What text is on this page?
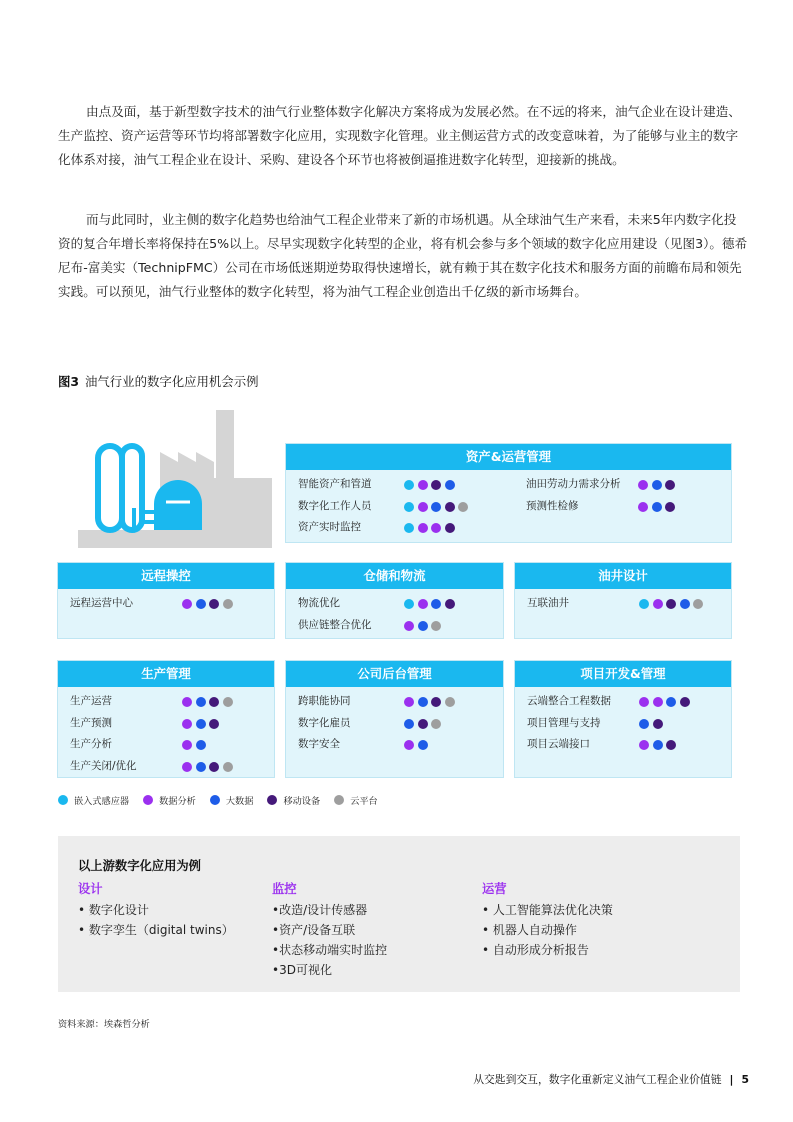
由点及面，基于新型数字技术的油气行业整体数字化解决方案将成为发展必然。在不远的将来，油气企业在设计建造、生产监控、资产运营等环节均将部署数字化应用，实现数字化管理。业主侧运营方式的改变意味着，为了能够与业主的数字化体系对接，油气工程企业在设计、采购、建设各个环节也将被倒逼推进数字化转型，迎接新的挑战。

而与此同时，业主侧的数字化趋势也给油气工程企业带来了新的市场机遇。从全球油气生产来看，未来5年内数字化投资的复合年增长率将保持在5%以上。尽早实现数字化转型的企业，将有机会参与多个领域的数字化应用建设（见图3）。德希尼布-富美实（TechnipFMC）公司在市场低迷期逆势取得快速增长，就有赖于其在数字化技术和服务方面的前瞻布局和领先实践。可以预见，油气行业整体的数字化转型，将为油气工程企业创造出千亿级的新市场舞台。

图3 油气行业的数字化应用机会示例
资产&运营管理
智能资产和管道
数字化工作人员
资产实时监控
油田劳动力需求分析
预测性检修
远程操控
远程运营中心
仓储和物流
物流优化
供应链整合优化
油井设计
互联油井
生产管理
生产运营
生产预测
生产分析
生产关闭/优化
公司后台管理
跨职能协同
数字化雇员
数字安全
项目开发&管理
云端整合工程数据
项目管理与支持
项目云端接口
嵌入式感应器	数据分析	大数据	移动设备	云平台
以上游数字化应用为例
设计
• 数字化设计
• 数字孪生（digital twins）
监控
•改造/设计传感器
•资产/设备互联
•状态移动端实时监控
•3D可视化
运营
• 人工智能算法优化决策
• 机器人自动操作
• 自动形成分析报告
资料来源：埃森哲分析
从交匙到交互，数字化重新定义油气工程企业价值链 | 5
